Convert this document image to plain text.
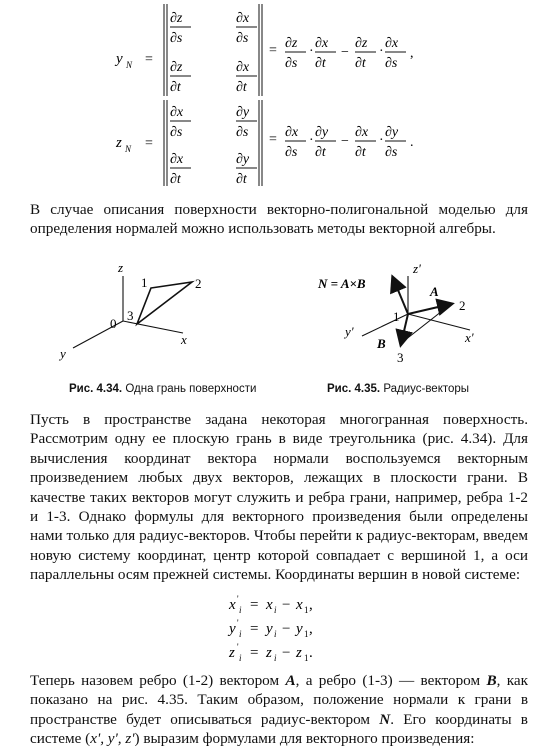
y N =
∂z
∂s
∂x
∂s
∂z
∂t
∂x
∂t
= ∂z
∂s
·
∂x
∂t
−
∂z
∂t
·
∂x
∂s
,
z N =
∂x
∂s
∂y
∂s
∂x
∂t
∂y
∂t
= ∂x
∂s
·
∂y
∂t
−
∂x
∂t
·
∂y
∂s
.
В случае описания поверхности векторно-полигональной моделью для определения нормалей можно использовать методы векторной алгебры.
z
y
x
0
1	2
3
Рис. 4.34. Одна грань поверхности
N = A×B
z'
y'	x'
A
B
1
2
3
Рис. 4.35. Радиус-векторы
Пусть в пространстве задана некоторая многогранная поверхность. Рассмотрим одну ее плоскую грань в виде треугольника (рис. 4.34). Для вычисления координат вектора нормали воспользуемся векторным произведением любых двух векторов, лежащих в плоскости грани. В качестве таких векторов могут служить и ребра грани, например, ребра 1-2 и 1-3. Однако формулы для векторного произведения были определены нами только для радиус-векторов. Чтобы перейти к радиус-векторам, введем новую систему координат, центр которой совпадает с вершиной 1, а оси параллельны осям прежней системы. Координаты вершин в новой системе:
x '
i = x i − x 1 ,
y '
i = y i − y 1 ,
z '
i = z i − z 1 .
Теперь назовем ребро (1-2) вектором A, а ребро (1-3) — вектором B, как показано на рис. 4.35. Таким образом, положение нормали к грани в пространстве будет описываться радиус-вектором N. Его координаты в системе (x', y', z') выразим формулами для векторного произведения:
